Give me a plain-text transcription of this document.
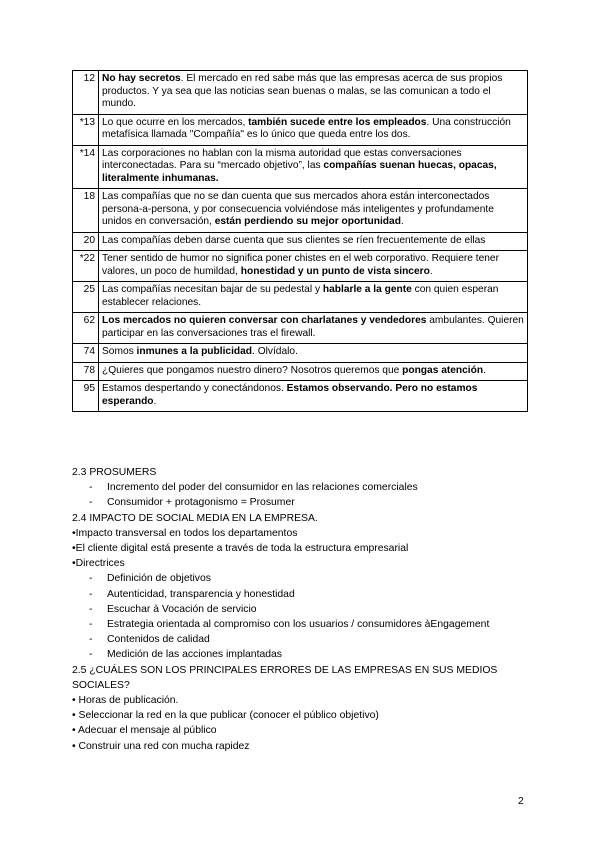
12	No hay secretos. El mercado en red sabe más que las empresas acerca de sus propios productos. Y ya sea que las noticias sean buenas o malas, se las comunican a todo el mundo.
*13	Lo que ocurre en los mercados, también sucede entre los empleados. Una construcción metafísica llamada "Compañía" es lo único que queda entre los dos.
*14	Las corporaciones no hablan con la misma autoridad que estas conversaciones interconectadas. Para su “mercado objetivo”, las compañías suenan huecas, opacas, literalmente inhumanas.
18	Las compañías que no se dan cuenta que sus mercados ahora están interconectados persona-a-persona, y por consecuencia volviéndose más inteligentes y profundamente unidos en conversación, están perdiendo su mejor oportunidad.
20	Las compañías deben darse cuenta que sus clientes se ríen frecuentemente de ellas
*22	Tener sentido de humor no significa poner chistes en el web corporativo. Requiere tener valores, un poco de humildad, honestidad y un punto de vista sincero.
25	Las compañías necesitan bajar de su pedestal y hablarle a la gente con quien esperan establecer relaciones.
62	Los mercados no quieren conversar con charlatanes y vendedores ambulantes. Quieren participar en las conversaciones tras el firewall.
74	Somos inmunes a la publicidad. Olvídalo.
78	¿Quieres que pongamos nuestro dinero? Nosotros queremos que pongas atención.
95	Estamos despertando y conectándonos. Estamos observando. Pero no estamos esperando.

2.3 PROSUMERS

- Incremento del poder del consumidor en las relaciones comerciales
- Consumidor + protagonismo = Prosumer

2.4 IMPACTO DE SOCIAL MEDIA EN LA EMPRESA.

•Impacto transversal en todos los departamentos

•El cliente digital está presente a través de toda la estructura empresarial

•Directrices

- Definición de objetivos
- Autenticidad, transparencia y honestidad
- Escuchar à Vocación de servicio
- Estrategia orientada al compromiso con los usuarios / consumidores àEngagement
- Contenidos de calidad
- Medición de las acciones implantadas

2.5 ¿CUÁLES SON LOS PRINCIPALES ERRORES DE LAS EMPRESAS EN SUS MEDIOS SOCIALES?

• Horas de publicación.
• Seleccionar la red en la que publicar (conocer el público objetivo)
• Adecuar el mensaje al público
• Construir una red con mucha rapidez
2
